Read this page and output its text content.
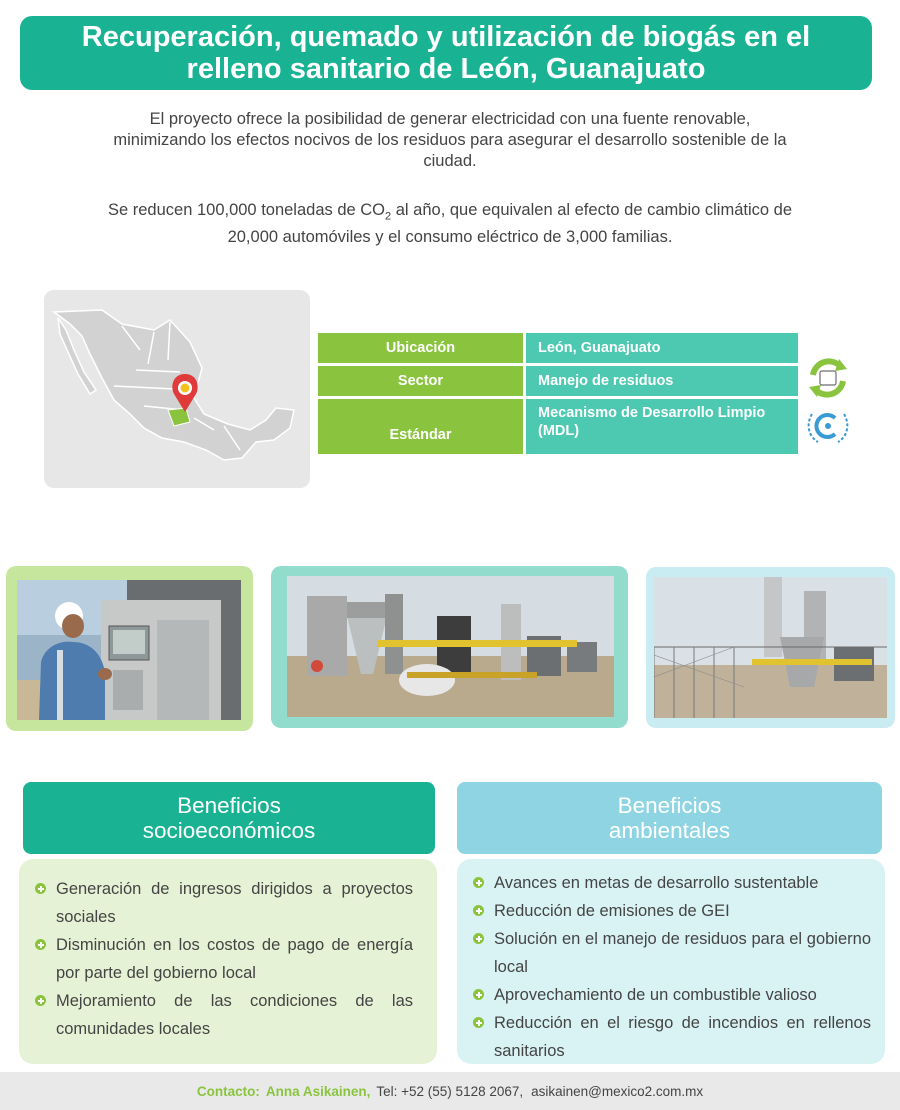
Recuperación, quemado y utilización de biogás en el
relleno sanitario de León, Guanajuato
El proyecto ofrece la posibilidad de generar electricidad con una fuente renovable,
minimizando los efectos nocivos de los residuos para asegurar el desarrollo sostenible de la
ciudad.
Se reducen 100,000 toneladas de $CO_2$ al año, que equivalen al efecto de cambio climático de
20,000 automóviles y el consumo eléctrico de 3,000 familias.
Ubicación	León, Guanajuato
Sector	Manejo de residuos
Estándar
Mecanismo de Desarrollo Limpio (MDL)
Beneficios
socioeconómicos
Beneficios
ambientales
Generación de ingresos dirigidos a proyectos sociales
Disminución en los costos de pago de energía por parte del gobierno local
Mejoramiento de las condiciones de las comunidades locales
Avances en metas de desarrollo sustentable
Reducción de emisiones de GEI
Solución en el manejo de residuos para el gobierno local
Aprovechamiento de un combustible valioso
Reducción en el riesgo de incendios en rellenos sanitarios
Contacto: Anna Asikainen, Tel: +52 (55) 5128 2067, asikainen@mexico2.com.mx
